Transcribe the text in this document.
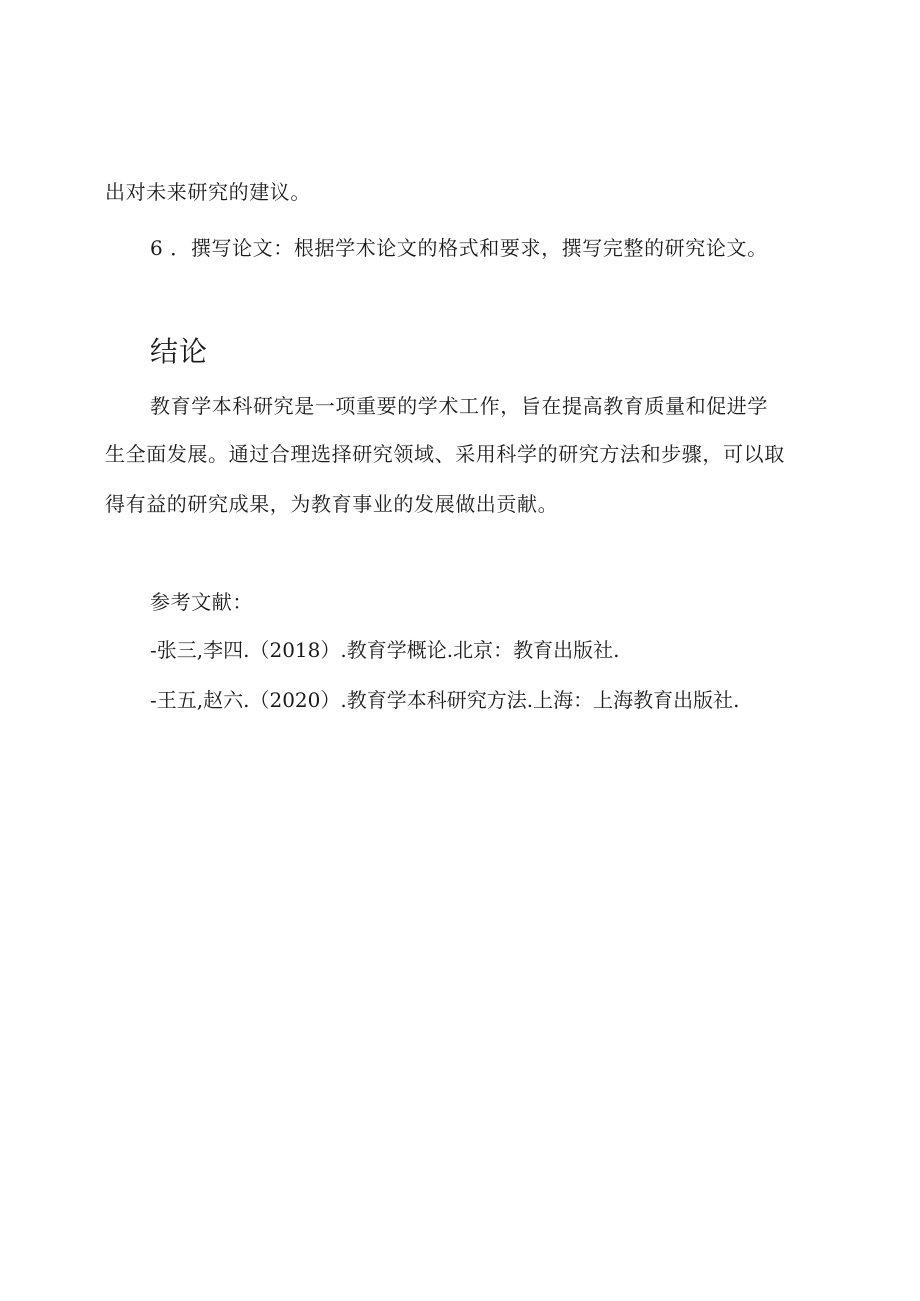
出对未来研究的建议。
6 ．撰写论文：根据学术论文的格式和要求，撰写完整的研究论文。
结论
教育学本科研究是一项重要的学术工作，旨在提高教育质量和促进学
生全面发展。通过合理选择研究领域、采用科学的研究方法和步骤，可以取
得有益的研究成果，为教育事业的发展做出贡献。
参考文献：
-张三,李四.（2018）.教育学概论.北京：教育出版社.
-王五,赵六.（2020）.教育学本科研究方法.上海：上海教育出版社.
